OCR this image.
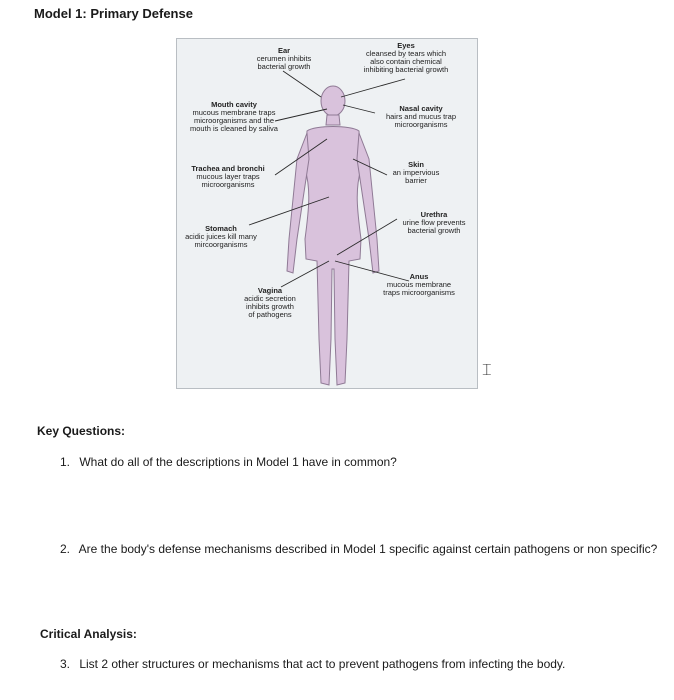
Model 1: Primary Defense
Ear
cerumen inhibits
bacterial growth
Eyes
cleansed by tears which
also contain chemical
inhibiting bacterial growth
Mouth cavity
mucous membrane traps
microorganisms and the
mouth is cleaned by saliva
Nasal cavity
hairs and mucus trap
microorganisms
Trachea and bronchi
mucous layer traps
microorganisms
Skin
an impervious
barrier
Urethra
urine flow prevents
bacterial growth
Stomach
acidic juices kill many
mircoorganisms
Anus
mucous membrane
traps microorganisms
Vagina
acidic secretion
inhibits growth
of pathogens
⌶
Key Questions:
1. What do all of the descriptions in Model 1 have in common?
2. Are the body's defense mechanisms described in Model 1 specific against certain pathogens or non specific?
Critical Analysis:
3. List 2 other structures or mechanisms that act to prevent pathogens from infecting the body.
